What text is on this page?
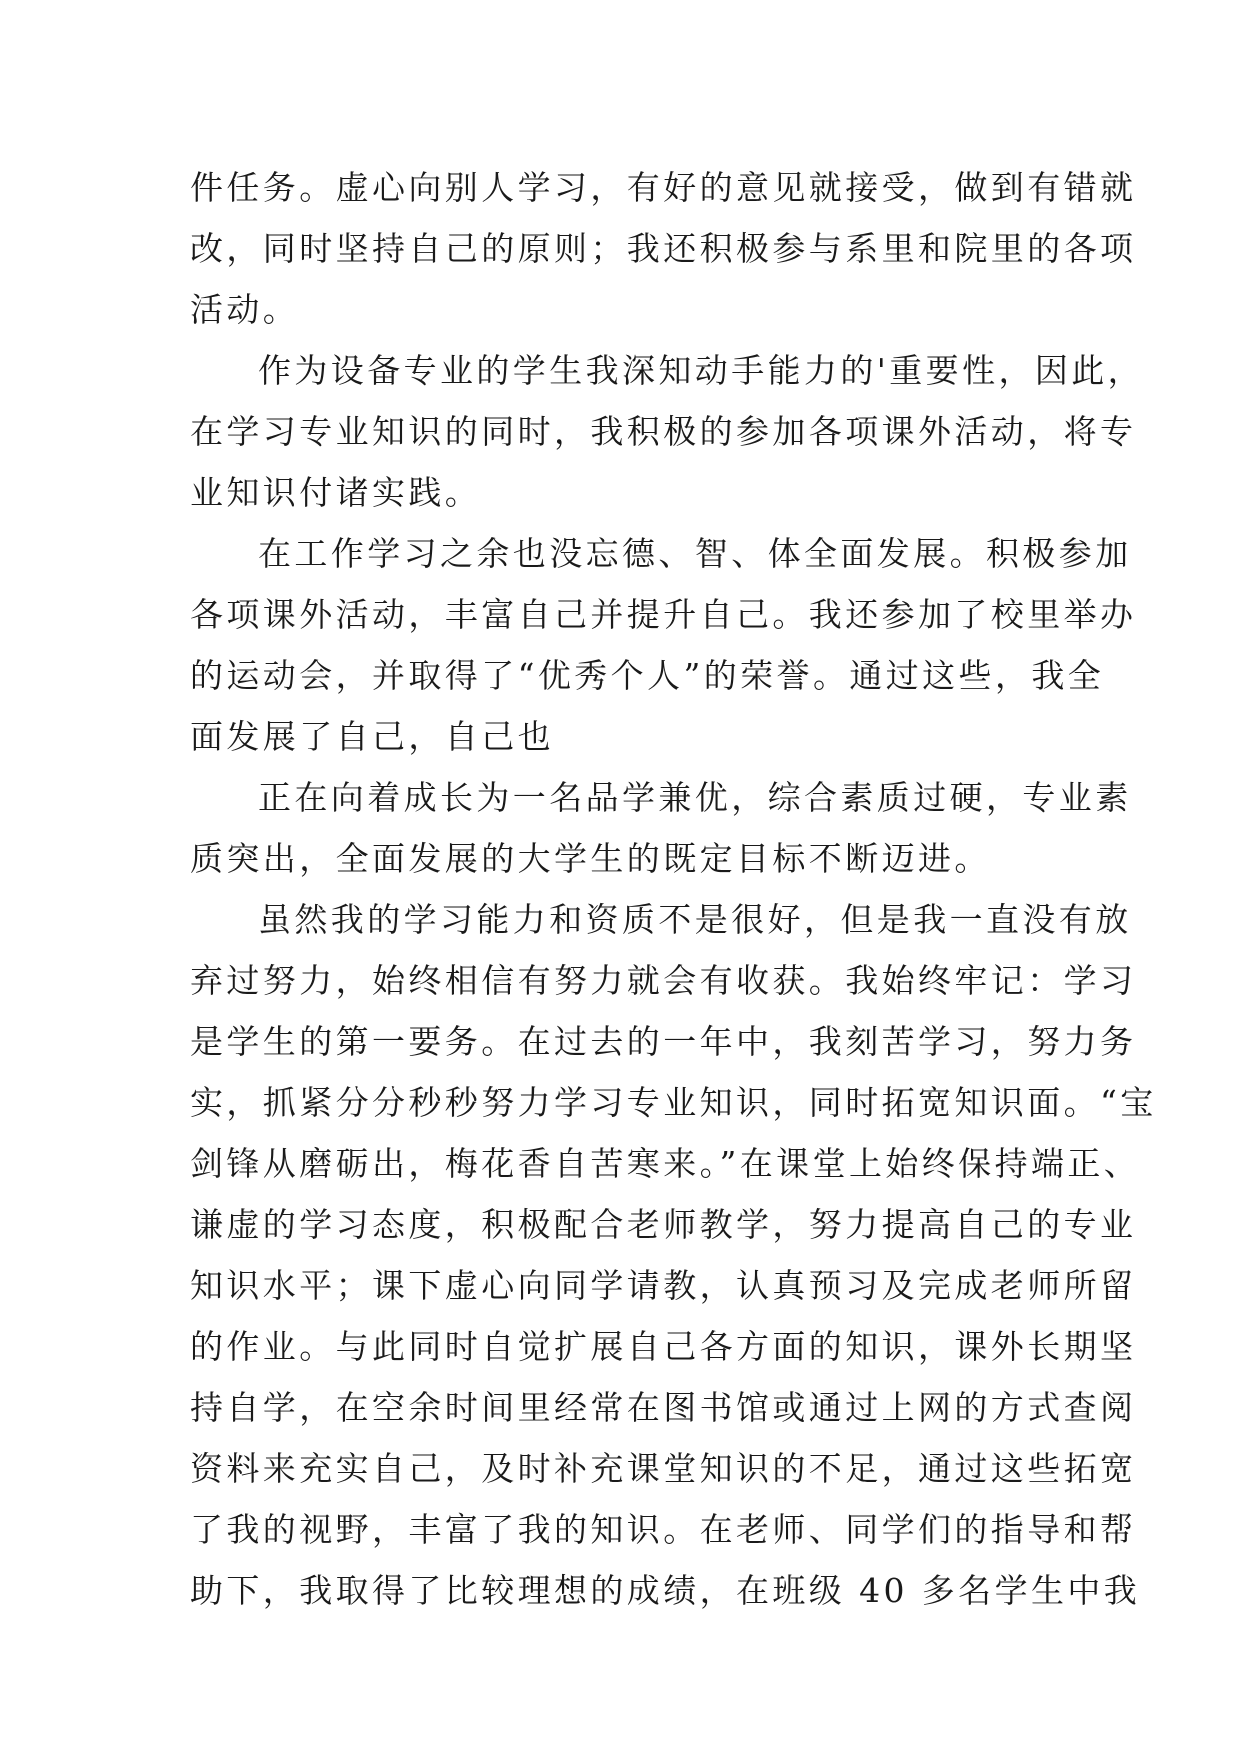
件任务。虚心向别人学习，有好的意见就接受，做到有错就
改，同时坚持自己的原则；我还积极参与系里和院里的各项
活动。
作为设备专业的学生我深知动手能力的'重要性，因此，
在学习专业知识的同时，我积极的参加各项课外活动，将专
业知识付诸实践。
在工作学习之余也没忘德、智、体全面发展。积极参加
各项课外活动，丰富自己并提升自己。我还参加了校里举办
的运动会，并取得了“优秀个人”的荣誉。通过这些，我全
面发展了自己，自己也
正在向着成长为一名品学兼优，综合素质过硬，专业素
质突出，全面发展的大学生的既定目标不断迈进。
虽然我的学习能力和资质不是很好，但是我一直没有放
弃过努力，始终相信有努力就会有收获。我始终牢记：学习
是学生的第一要务。在过去的一年中，我刻苦学习，努力务
实，抓紧分分秒秒努力学习专业知识，同时拓宽知识面。“宝
剑锋从磨砺出，梅花香自苦寒来。”在课堂上始终保持端正、
谦虚的学习态度，积极配合老师教学，努力提高自己的专业
知识水平；课下虚心向同学请教，认真预习及完成老师所留
的作业。与此同时自觉扩展自己各方面的知识，课外长期坚
持自学，在空余时间里经常在图书馆或通过上网的方式查阅
资料来充实自己，及时补充课堂知识的不足，通过这些拓宽
了我的视野，丰富了我的知识。在老师、同学们的指导和帮
助下，我取得了比较理想的成绩，在班级 40 多名学生中我
